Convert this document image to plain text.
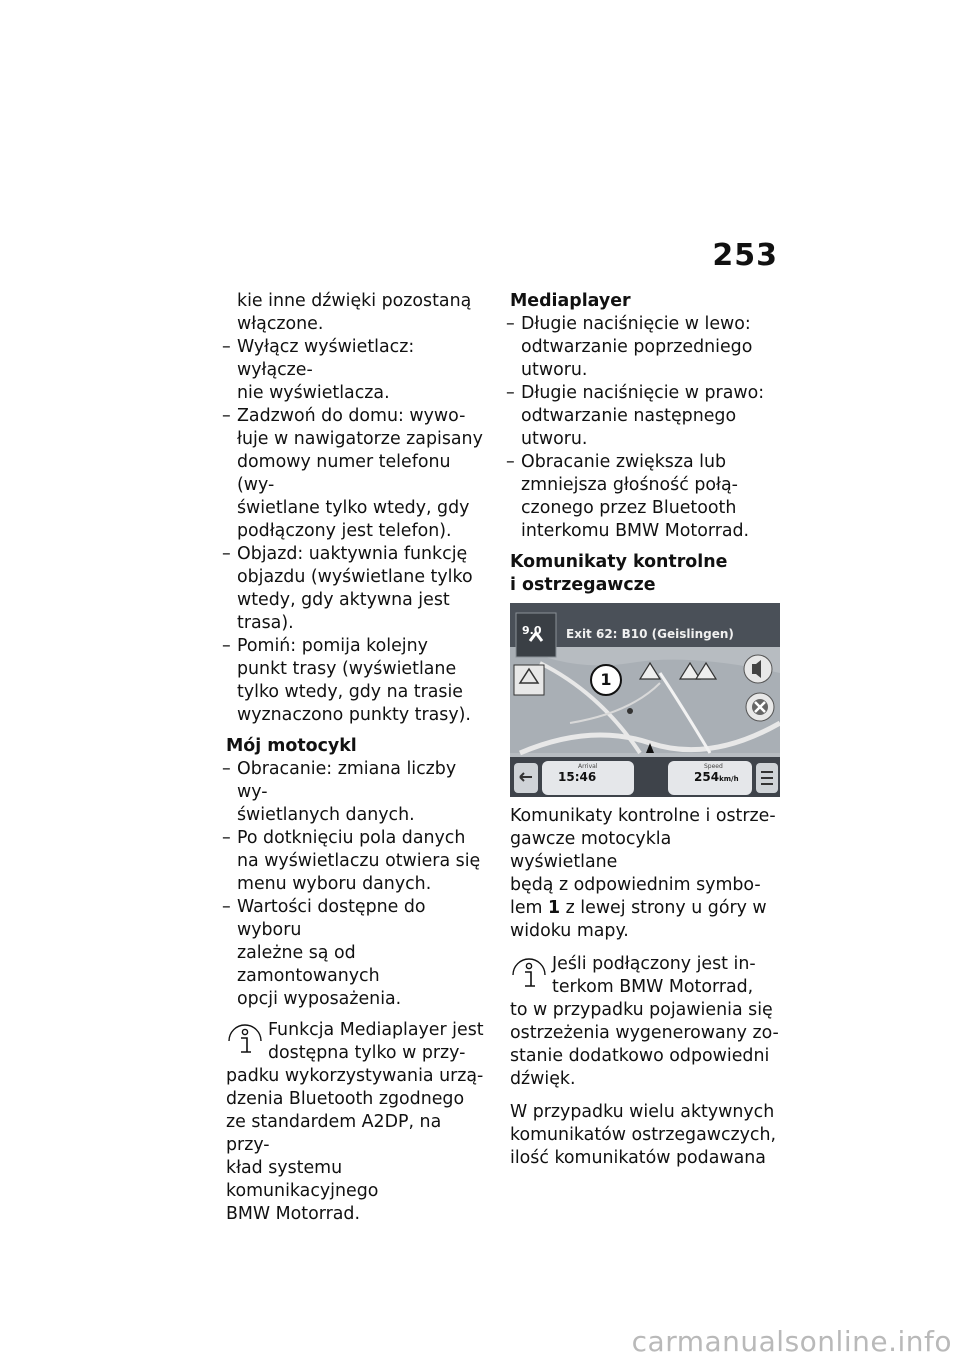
253
kie inne dźwięki pozostaną
włączone.
– Wyłącz wyświetlacz: wyłącze-
nie wyświetlacza.
– Zadzwoń do domu: wywo-
łuje w nawigatorze zapisany
domowy numer telefonu (wy-
świetlane tylko wtedy, gdy
podłączony jest telefon).
– Objazd: uaktywnia funkcję
objazdu (wyświetlane tylko
wtedy, gdy aktywna jest
trasa).
– Pomiń: pomija kolejny
punkt trasy (wyświetlane
tylko wtedy, gdy na trasie
wyznaczono punkty trasy).
Mój motocykl
– Obracanie: zmiana liczby wy-
świetlanych danych.
– Po dotknięciu pola danych
na wyświetlaczu otwiera się
menu wyboru danych.
– Wartości dostępne do wyboru
zależne są od zamontowanych
opcji wyposażenia.
Funkcja Mediaplayer jest
dostępna tylko w przy-
padku wykorzystywania urzą-
dzenia Bluetooth zgodnego
ze standardem A2DP, na przy-
kład systemu komunikacyjnego
BMW Motorrad.
Mediaplayer
– Długie naciśnięcie w lewo:
odtwarzanie poprzedniego
utworu.
– Długie naciśnięcie w prawo:
odtwarzanie następnego
utworu.
– Obracanie zwiększa lub
zmniejsza głośność połą-
czonego przez Bluetooth
interkomu BMW Motorrad.
Komunikaty kontrolne
i ostrzegawcze
9.0 Exit 62: B10 (Geislingen)
1
Arrival
15:46
Speed
254km/h
Komunikaty kontrolne i ostrze-
gawcze motocykla wyświetlane
będą z odpowiednim symbo-
lem 1 z lewej strony u góry w
widoku mapy.
Jeśli podłączony jest in-
terkom BMW Motorrad,
to w przypadku pojawienia się
ostrzeżenia wygenerowany zo-
stanie dodatkowo odpowiedni
dźwięk.
W przypadku wielu aktywnych
komunikatów ostrzegawczych,
ilość komunikatów podawana
carmanualsonline.info
